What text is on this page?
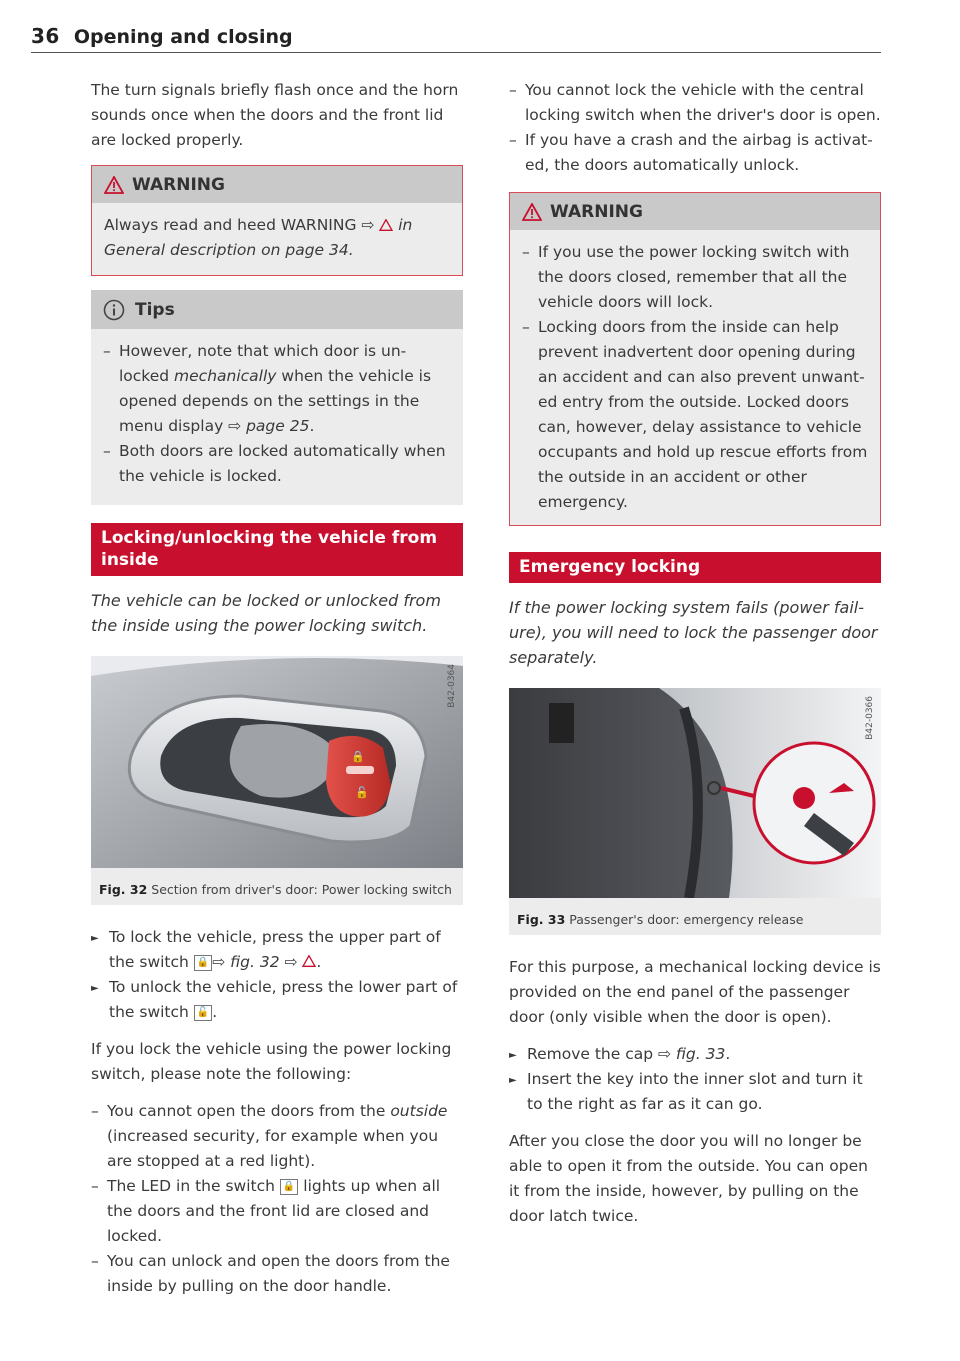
36 Opening and closing

The turn signals briefly flash once and the horn sounds once when the doors and the front lid are locked properly.

WARNING

Always read and heed WARNING ⇨  in General description on page 34.

Tips
– However, note that which door is un-locked mechanically when the vehicle is opened depends on the settings in the menu display ⇨ page 25.
– Both doors are locked automatically when the vehicle is locked.
Locking/unlocking the vehicle from inside
The vehicle can be locked or unlocked from the inside using the power locking switch.
🔒
🔓
B42-0364
Fig. 32 Section from driver's door: Power locking switch
► To lock the vehicle, press the upper part of the switch 🔒 ⇨ fig. 32 ⇨ .
► To unlock the vehicle, press the lower part of the switch 🔓 .

If you lock the vehicle using the power locking switch, please note the following:

– You cannot open the doors from the outside (increased security, for example when you are stopped at a red light).
– The LED in the switch 🔒 lights up when all the doors and the front lid are closed and locked.
– You can unlock and open the doors from the inside by pulling on the door handle.
– You cannot lock the vehicle with the central locking switch when the driver's door is open.
– If you have a crash and the airbag is activat-ed, the doors automatically unlock.
WARNING
– If you use the power locking switch with the doors closed, remember that all the vehicle doors will lock.
– Locking doors from the inside can help prevent inadvertent door opening during an accident and can also prevent unwant-ed entry from the outside. Locked doors can, however, delay assistance to vehicle occupants and hold up rescue efforts from the outside in an accident or other emergency.
Emergency locking
If the power locking system fails (power fail-ure), you will need to lock the passenger door separately.
B42-0366
Fig. 33 Passenger's door: emergency release

For this purpose, a mechanical locking device is provided on the end panel of the passenger door (only visible when the door is open).

► Remove the cap ⇨ fig. 33.
► Insert the key into the inner slot and turn it to the right as far as it can go.

After you close the door you will no longer be able to open it from the outside. You can open it from the inside, however, by pulling on the door latch twice.
